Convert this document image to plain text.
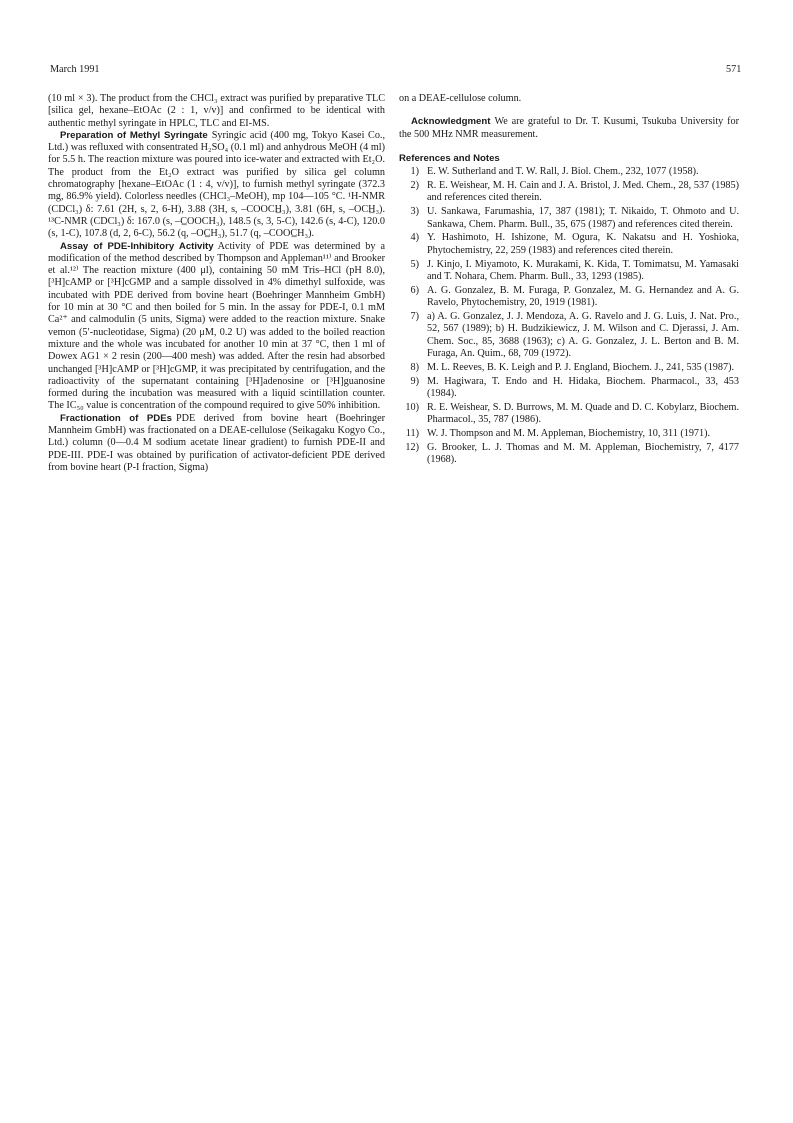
March 1991	571

(10 ml × 3). The product from the CHCl₃ extract was purified by preparative TLC [silica gel, hexane–EtOAc (2 : 1, v/v)] and confirmed to be identical with authentic methyl syringate in HPLC, TLC and EI-MS.

Preparation of Methyl Syringate Syringic acid (400 mg, Tokyo Kasei Co., Ltd.) was refluxed with consentrated H₂SO₄ (0.1 ml) and anhydrous MeOH (4 ml) for 5.5 h. The reaction mixture was poured into ice-water and extracted with Et₂O. The product from the Et₂O extract was purified by silica gel column chromatography [hexane–EtOAc (1 : 4, v/v)], to furnish methyl syringate (372.3 mg, 86.9% yield). Colorless needles (CHCl₃–MeOH), mp 104—105 °C. ¹H-NMR (CDCl₃) δ: 7.61 (2H, s, 2, 6-H), 3.88 (3H, s, –COOCH̲₃), 3.81 (6H, s, –OCH̲₃). ¹³C-NMR (CDCl₃) δ: 167.0 (s, –C̲OOCH₃), 148.5 (s, 3, 5-C), 142.6 (s, 4-C), 120.0 (s, 1-C), 107.8 (d, 2, 6-C), 56.2 (q, –OC̲H₃), 51.7 (q, –COOC̲H₃).

Assay of PDE-Inhibitory Activity Activity of PDE was determined by a modification of the method described by Thompson and Appleman¹¹⁾ and Brooker et al.¹²⁾ The reaction mixture (400 μl), containing 50 mM Tris–HCl (pH 8.0), [³H]cAMP or [³H]cGMP and a sample dissolved in 4% dimethyl sulfoxide, was incubated with PDE derived from bovine heart (Boehringer Mannheim GmbH) for 10 min at 30 °C and then boiled for 5 min. In the assay for PDE-I, 0.1 mM Ca²⁺ and calmodulin (5 units, Sigma) were added to the reaction mixture. Snake vemon (5′-nucleotidase, Sigma) (20 μM, 0.2 U) was added to the boiled reaction mixture and the whole was incubated for another 10 min at 37 °C, then 1 ml of Dowex AG1 × 2 resin (200—400 mesh) was added. After the resin had absorbed unchanged [³H]cAMP or [³H]cGMP, it was precipitated by centrifugation, and the radioactivity of the supernatant containing [³H]adenosine or [³H]guanosine formed during the incubation was measured with a liquid scintillation counter. The IC₅₀ value is concentration of the compound required to give 50% inhibition.

Fractionation of PDEs PDE derived from bovine heart (Boehringer Mannheim GmbH) was fractionated on a DEAE-cellulose (Seikagaku Kogyo Co., Ltd.) column (0—0.4 M sodium acetate linear gradient) to furnish PDE-II and PDE-III. PDE-I was obtained by purification of activator-deficient PDE derived from bovine heart (P-I fraction, Sigma)

on a DEAE-cellulose column.

Acknowledgment We are grateful to Dr. T. Kusumi, Tsukuba University for the 500 MHz NMR measurement.

References and Notes
1) E. W. Sutherland and T. W. Rall, J. Biol. Chem., 232, 1077 (1958).
2) R. E. Weishear, M. H. Cain and J. A. Bristol, J. Med. Chem., 28, 537 (1985) and references cited therein.
3) U. Sankawa, Farumashia, 17, 387 (1981); T. Nikaido, T. Ohmoto and U. Sankawa, Chem. Pharm. Bull., 35, 675 (1987) and references cited therein.
4) Y. Hashimoto, H. Ishizone, M. Ogura, K. Nakatsu and H. Yoshioka, Phytochemistry, 22, 259 (1983) and references cited therein.
5) J. Kinjo, I. Miyamoto, K. Murakami, K. Kida, T. Tomimatsu, M. Yamasaki and T. Nohara, Chem. Pharm. Bull., 33, 1293 (1985).
6) A. G. Gonzalez, B. M. Furaga, P. Gonzalez, M. G. Hernandez and A. G. Ravelo, Phytochemistry, 20, 1919 (1981).
7) a) A. G. Gonzalez, J. J. Mendoza, A. G. Ravelo and J. G. Luis, J. Nat. Pro., 52, 567 (1989); b) H. Budzikiewicz, J. M. Wilson and C. Djerassi, J. Am. Chem. Soc., 85, 3688 (1963); c) A. G. Gonzalez, J. L. Berton and B. M. Furaga, An. Quim., 68, 709 (1972).
8) M. L. Reeves, B. K. Leigh and P. J. England, Biochem. J., 241, 535 (1987).
9) M. Hagiwara, T. Endo and H. Hidaka, Biochem. Pharmacol., 33, 453 (1984).
10) R. E. Weishear, S. D. Burrows, M. M. Quade and D. C. Kobylarz, Biochem. Pharmacol., 35, 787 (1986).
11) W. J. Thompson and M. M. Appleman, Biochemistry, 10, 311 (1971).
12) G. Brooker, L. J. Thomas and M. M. Appleman, Biochemistry, 7, 4177 (1968).
